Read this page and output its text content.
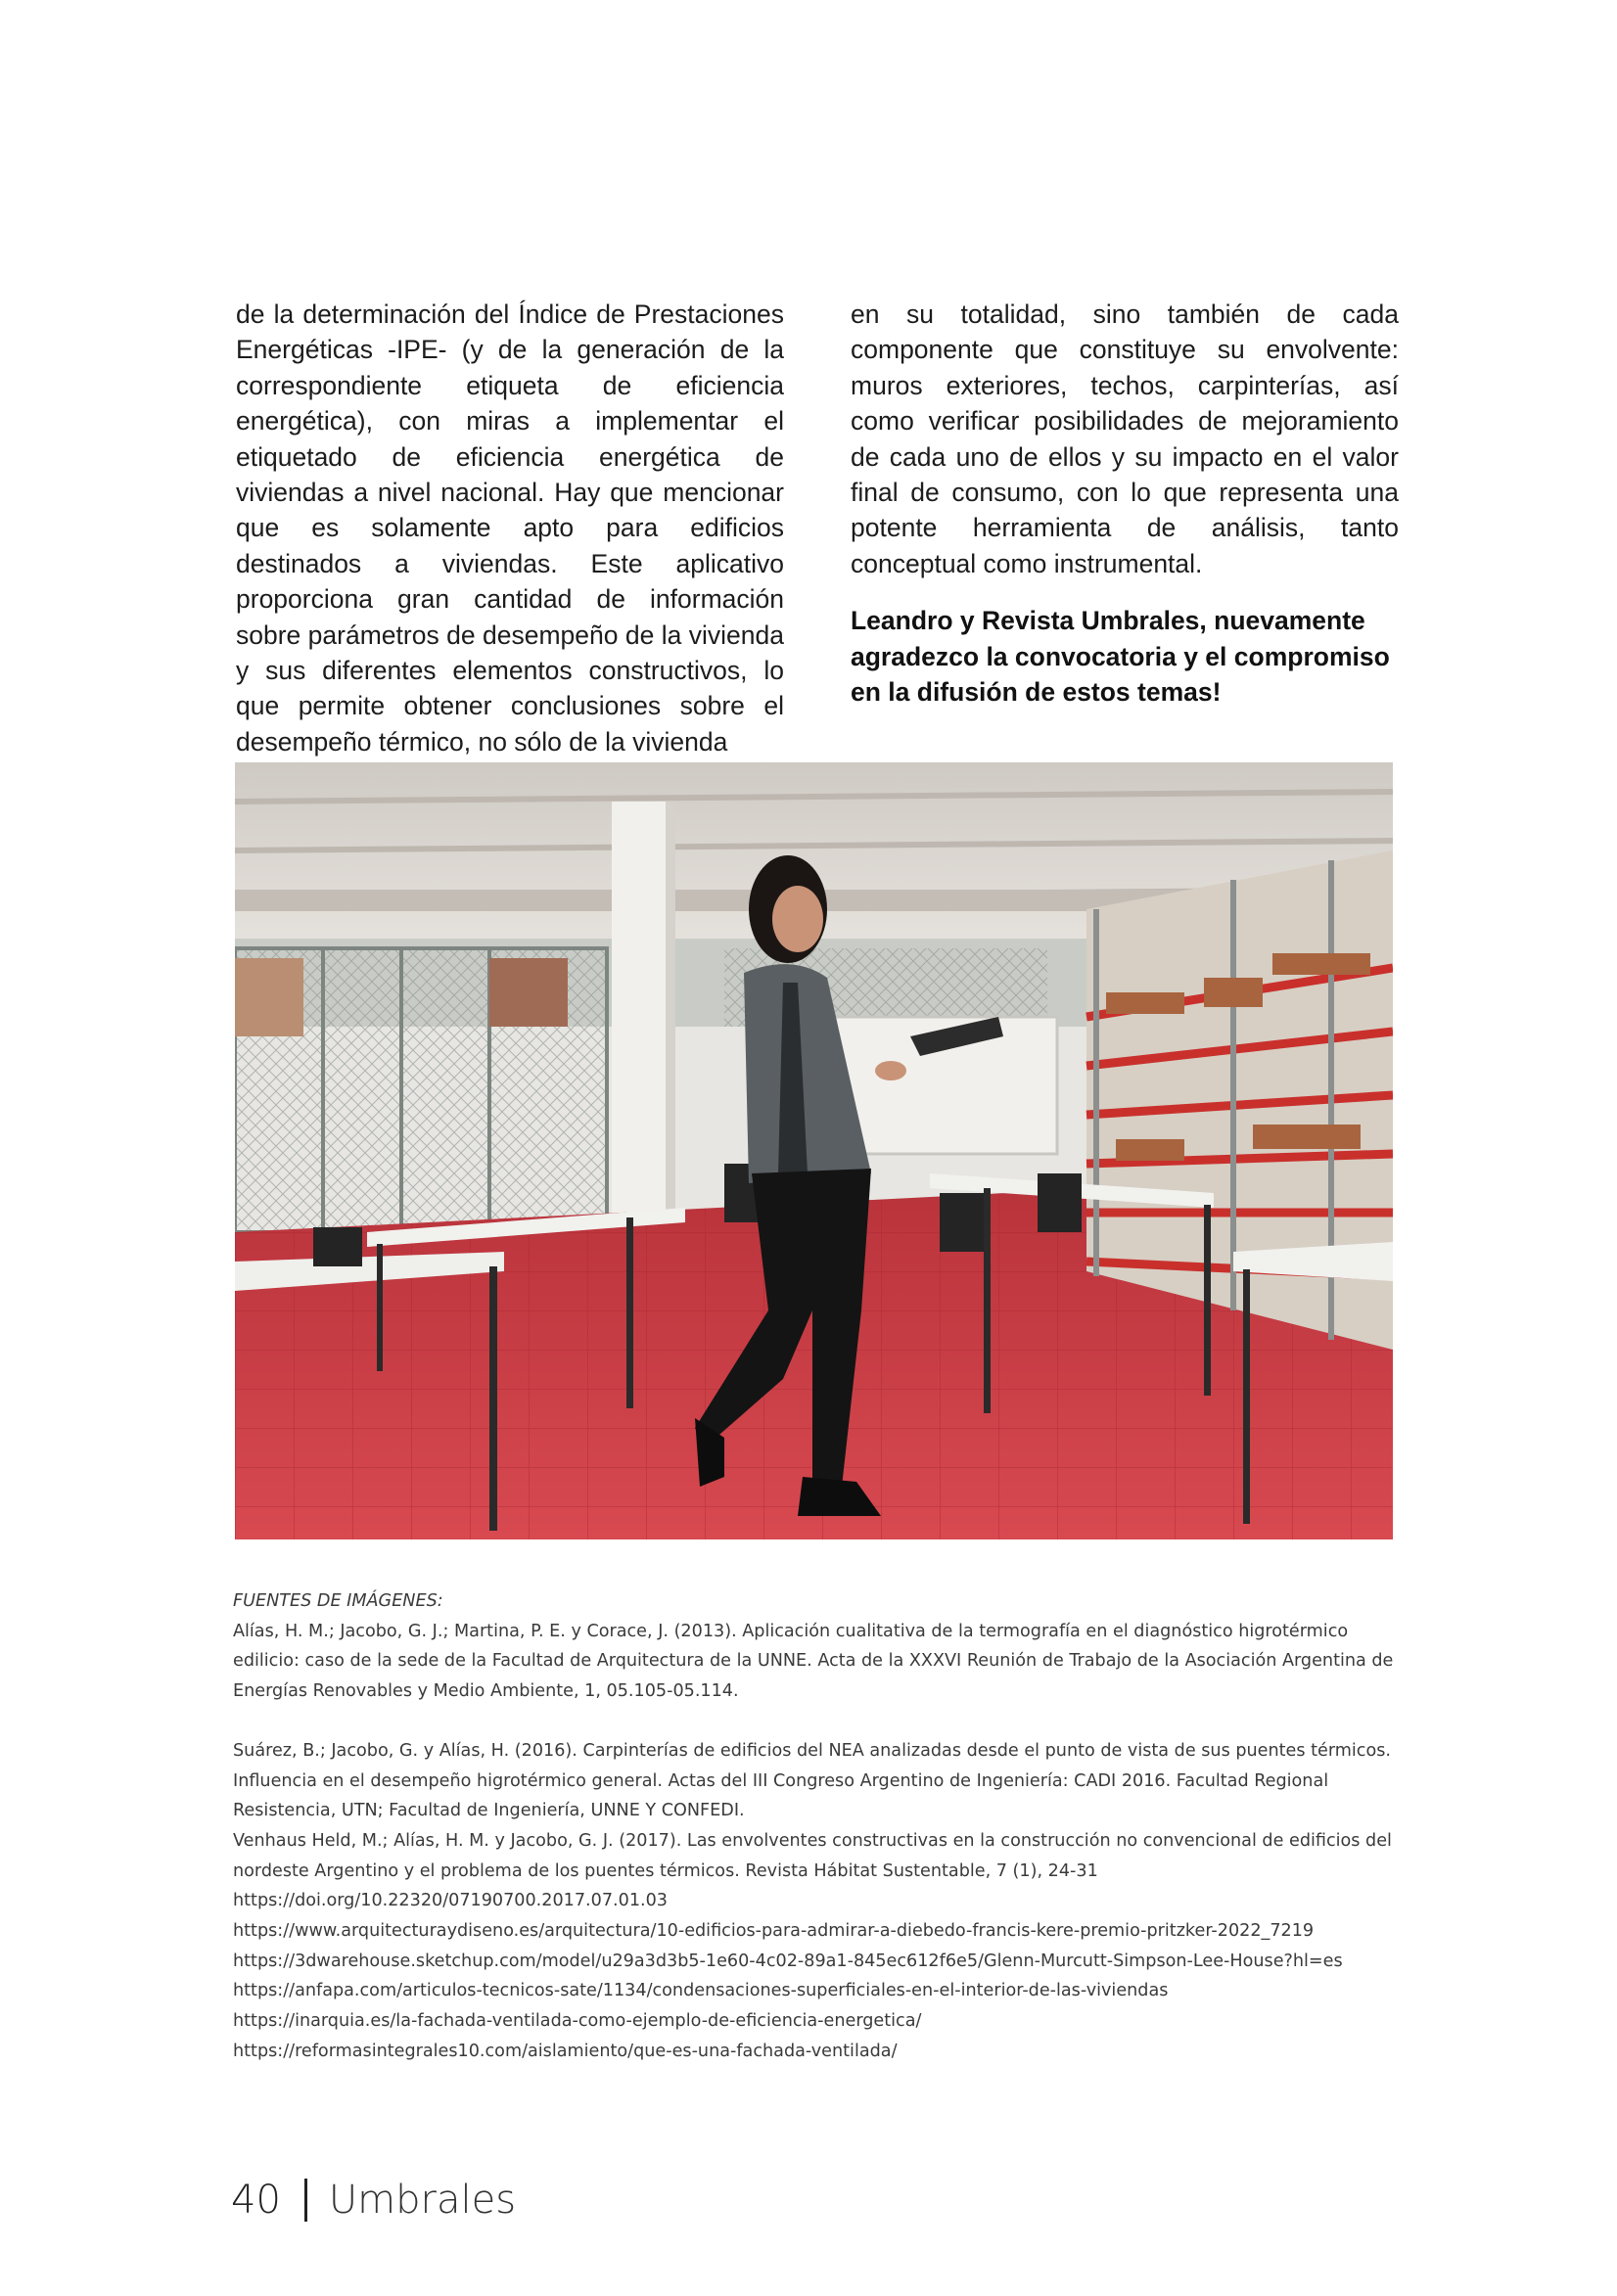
de la determinación del Índice de Prestaciones Energéticas -IPE- (y de la generación de la correspondiente etiqueta de eficiencia energética), con miras a implementar el etiquetado de eficiencia energética de viviendas a nivel nacional. Hay que mencionar que es solamente apto para edificios destinados a viviendas. Este aplicativo proporciona gran cantidad de información sobre parámetros de desempeño de la vivienda y sus diferentes elementos constructivos, lo que permite obtener conclusiones sobre el desempeño térmico, no sólo de la vivienda

en su totalidad, sino también de cada componente que constituye su envolvente: muros exteriores, techos, carpinterías, así como verificar posibilidades de mejoramiento de cada uno de ellos y su impacto en el valor final de consumo, con lo que representa una potente herramienta de análisis, tanto conceptual como instrumental.

Leandro y Revista Umbrales, nuevamente agradezco la convocatoria y el compromiso en la difusión de estos temas!

FUENTES DE IMÁGENES:

Alías, H. M.; Jacobo, G. J.; Martina, P. E. y Corace, J. (2013). Aplicación cualitativa de la termografía en el diagnóstico higrotérmico edilicio: caso de la sede de la Facultad de Arquitectura de la UNNE. Acta de la XXXVI Reunión de Trabajo de la Asociación Argentina de Energías Renovables y Medio Ambiente, 1, 05.105-05.114.

Suárez, B.; Jacobo, G. y Alías, H. (2016). Carpinterías de edificios del NEA analizadas desde el punto de vista de sus puentes térmicos. Influencia en el desempeño higrotérmico general. Actas del III Congreso Argentino de Ingeniería: CADI 2016. Facultad Regional Resistencia, UTN; Facultad de Ingeniería, UNNE Y CONFEDI.

Venhaus Held, M.; Alías, H. M. y Jacobo, G. J. (2017). Las envolventes constructivas en la construcción no convencional de edificios del nordeste Argentino y el problema de los puentes térmicos. Revista Hábitat Sustentable, 7 (1), 24-31

https://doi.org/10.22320/07190700.2017.07.01.03
https://www.arquitecturaydiseno.es/arquitectura/10-edificios-para-admirar-a-diebedo-francis-kere-premio-pritzker-2022_7219
https://3dwarehouse.sketchup.com/model/u29a3d3b5-1e60-4c02-89a1-845ec612f6e5/Glenn-Murcutt-Simpson-Lee-House?hl=es
https://anfapa.com/articulos-tecnicos-sate/1134/condensaciones-superficiales-en-el-interior-de-las-viviendas
https://inarquia.es/la-fachada-ventilada-como-ejemplo-de-eficiencia-energetica/
https://reformasintegrales10.com/aislamiento/que-es-una-fachada-ventilada/
40 Umbrales
